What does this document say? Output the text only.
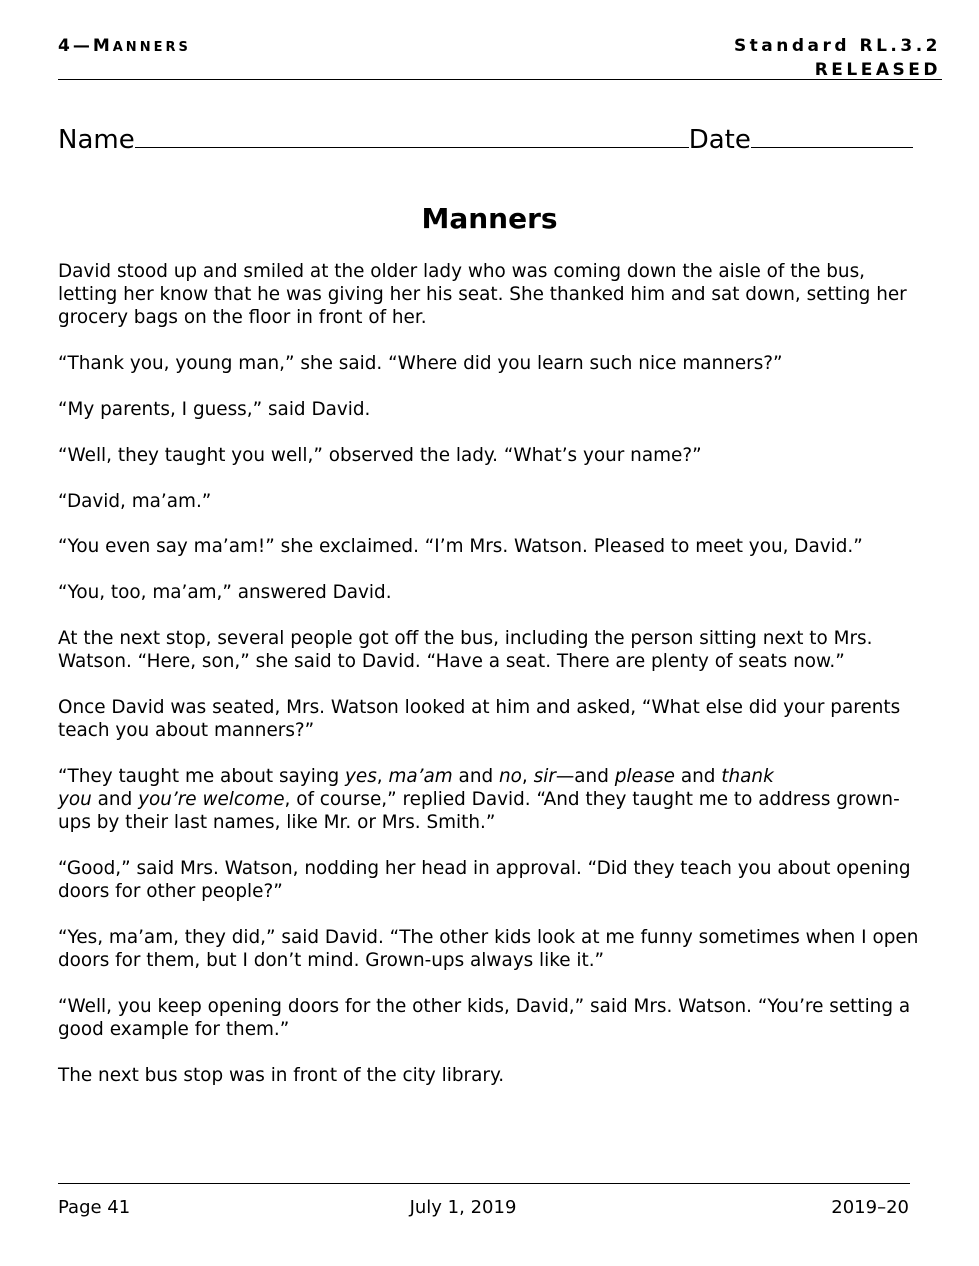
4—MANNERS	Standard RL.3.2
RELEASED
Name	Date
Manners

David stood up and smiled at the older lady who was coming down the aisle of the bus, letting her know that he was giving her his seat. She thanked him and sat down, setting her grocery bags on the floor in front of her.

“Thank you, young man,” she said. “Where did you learn such nice manners?”

“My parents, I guess,” said David.

“Well, they taught you well,” observed the lady. “What’s your name?”

“David, ma’am.”

“You even say ma’am!” she exclaimed. “I’m Mrs. Watson. Pleased to meet you, David.”

“You, too, ma’am,” answered David.

At the next stop, several people got off the bus, including the person sitting next to Mrs. Watson. “Here, son,” she said to David. “Have a seat. There are plenty of seats now.”

Once David was seated, Mrs. Watson looked at him and asked, “What else did your parents teach you about manners?”

“They taught me about saying yes, ma’am and no, sir—and please and thank
you and you’re welcome, of course,” replied David. “And they taught me to address grown-ups by their last names, like Mr. or Mrs. Smith.”

“Good,” said Mrs. Watson, nodding her head in approval. “Did they teach you about opening doors for other people?”

“Yes, ma’am, they did,” said David. “The other kids look at me funny sometimes when I open doors for them, but I don’t mind. Grown-ups always like it.”

“Well, you keep opening doors for the other kids, David,” said Mrs. Watson. “You’re setting a good example for them.”

The next bus stop was in front of the city library.

Page 41	July 1, 2019	2019–20
